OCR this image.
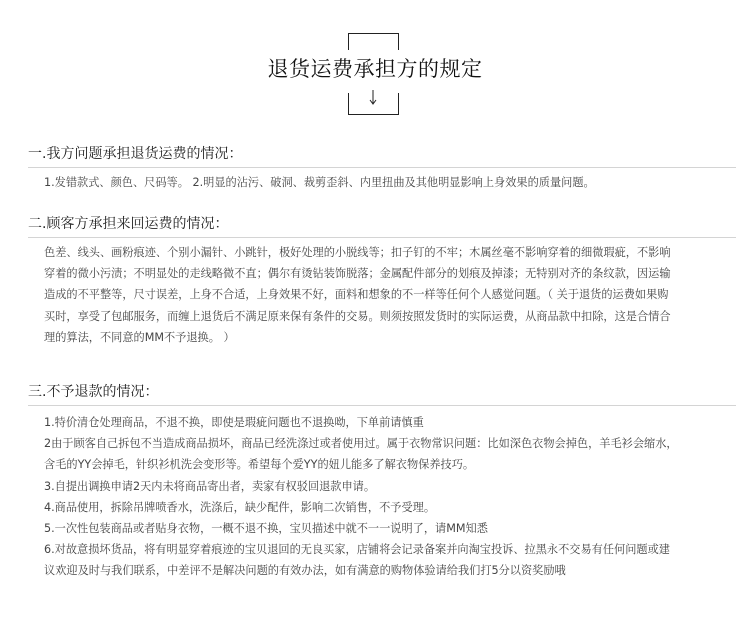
退货运费承担方的规定
一.我方问题承担退货运费的情况：

1.发错款式、颜色、尺码等。 2.明显的沾污、破洞、裁剪歪斜、内里扭曲及其他明显影响上身效果的质量问题。

二.顾客方承担来回运费的情况：

色差、线头、画粉痕迹、个别小漏针、小跳针，极好处理的小脱线等；扣子钉的不牢；木属丝毫不影响穿着的细微瑕疵，不影响

穿着的微小污渍；不明显处的走线略微不直；偶尔有烫钻装饰脱落；金属配件部分的划痕及掉漆；无特别对齐的条纹款，因运输

造成的不平整等，尺寸误差，上身不合适，上身效果不好，面料和想象的不一样等任何个人感觉问题。（ 关于退货的运费如果购

买时，享受了包邮服务，而缠上退货后不满足原来保有条件的交易。则须按照发货时的实际运费，从商品款中扣除，这是合情合

理的算法，不同意的MM不予退换。 ）

三.不予退款的情况：

1.特价清仓处理商品，不退不换，即使是瑕疵问题也不退换呦，下单前请慎重

2由于顾客自己拆包不当造成商品损坏，商品已经洗涤过或者使用过。属于衣物常识问题：比如深色衣物会掉色，羊毛衫会缩水，

含毛的YY会掉毛，针织衫机洗会变形等。希望每个爱YY的妞儿能多了解衣物保养技巧。

3.自提出调换申请2天内未将商品寄出者，卖家有权驳回退款申请。

4.商品使用，拆除吊牌喷香水，洗涤后，缺少配件，影响二次销售，不予受理。

5.一次性包装商品或者贴身衣物，一概不退不换，宝贝描述中就不一一说明了，请MM知悉

6.对故意损坏货品，将有明显穿着痕迹的宝贝退回的无良买家，店铺将会记录备案并向淘宝投诉、拉黑永不交易有任何问题或建

议欢迎及时与我们联系，中差评不是解决问题的有效办法，如有满意的购物体验请给我们打5分以资奖励哦
